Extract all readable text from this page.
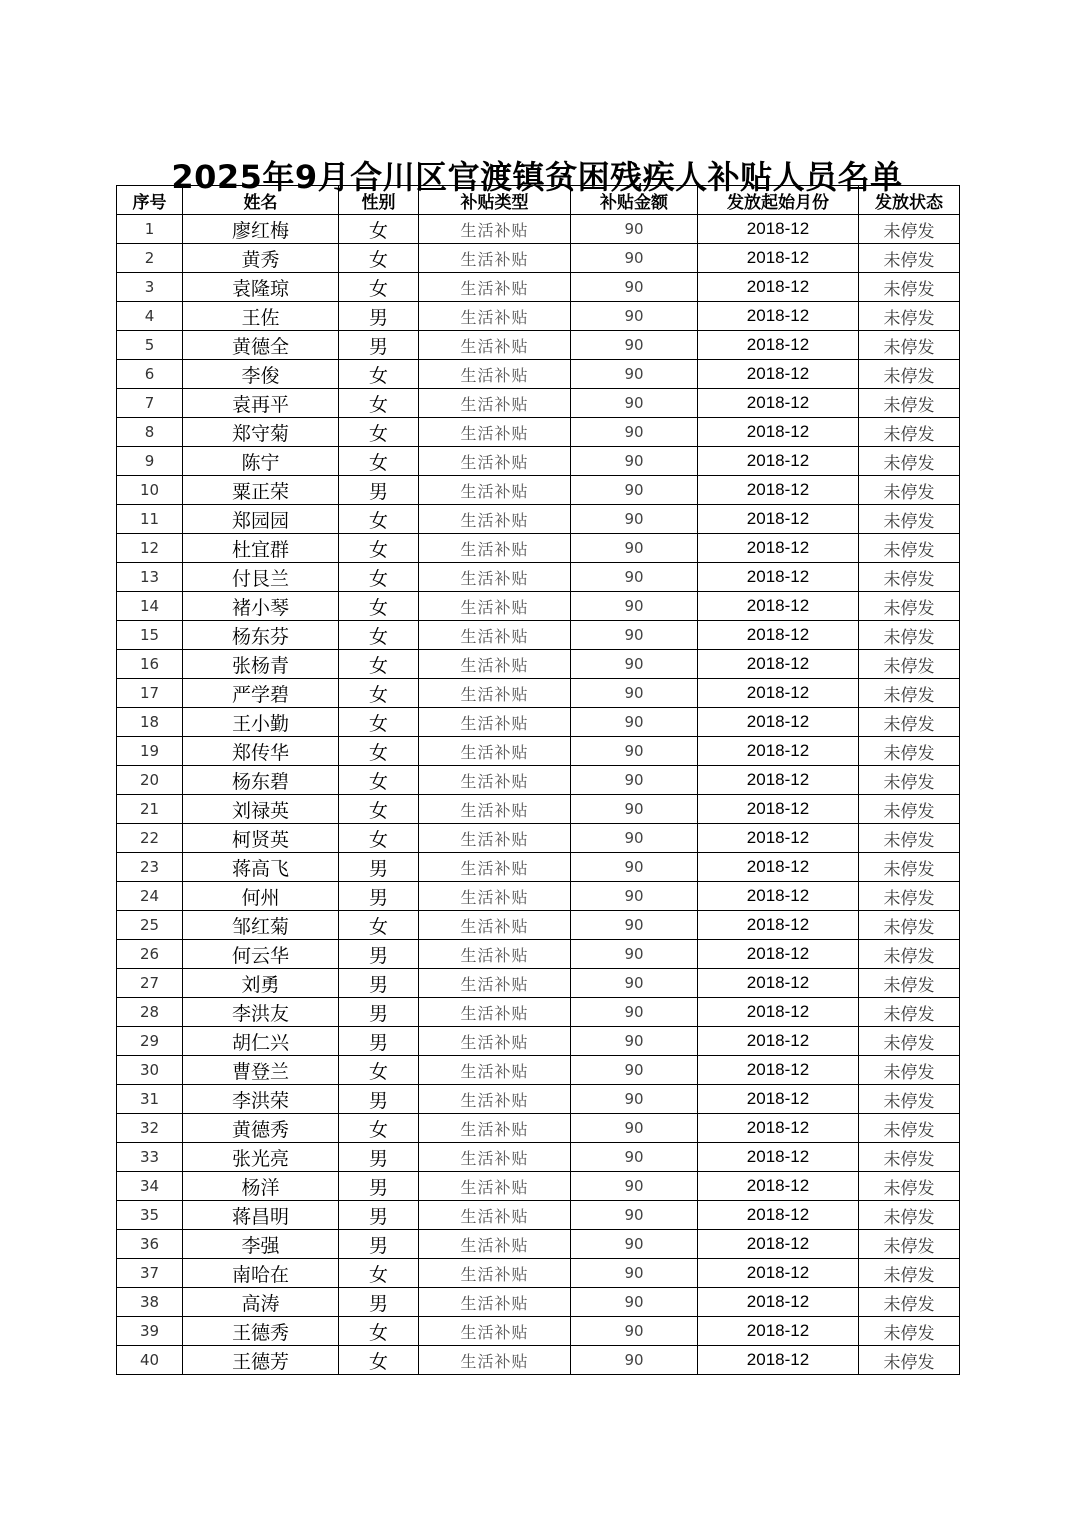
2025年9月合川区官渡镇贫困残疾人补贴人员名单
序号	姓名	性别	补贴类型	补贴金额	发放起始月份	发放状态
1	廖红梅	女	生活补贴	90	2018-12	未停发
2	黄秀	女	生活补贴	90	2018-12	未停发
3	袁隆琼	女	生活补贴	90	2018-12	未停发
4	王佐	男	生活补贴	90	2018-12	未停发
5	黄德全	男	生活补贴	90	2018-12	未停发
6	李俊	女	生活补贴	90	2018-12	未停发
7	袁再平	女	生活补贴	90	2018-12	未停发
8	郑守菊	女	生活补贴	90	2018-12	未停发
9	陈宁	女	生活补贴	90	2018-12	未停发
10	粟正荣	男	生活补贴	90	2018-12	未停发
11	郑园园	女	生活补贴	90	2018-12	未停发
12	杜宜群	女	生活补贴	90	2018-12	未停发
13	付艮兰	女	生活补贴	90	2018-12	未停发
14	褚小琴	女	生活补贴	90	2018-12	未停发
15	杨东芬	女	生活补贴	90	2018-12	未停发
16	张杨青	女	生活补贴	90	2018-12	未停发
17	严学碧	女	生活补贴	90	2018-12	未停发
18	王小勤	女	生活补贴	90	2018-12	未停发
19	郑传华	女	生活补贴	90	2018-12	未停发
20	杨东碧	女	生活补贴	90	2018-12	未停发
21	刘禄英	女	生活补贴	90	2018-12	未停发
22	柯贤英	女	生活补贴	90	2018-12	未停发
23	蒋高飞	男	生活补贴	90	2018-12	未停发
24	何州	男	生活补贴	90	2018-12	未停发
25	邹红菊	女	生活补贴	90	2018-12	未停发
26	何云华	男	生活补贴	90	2018-12	未停发
27	刘勇	男	生活补贴	90	2018-12	未停发
28	李洪友	男	生活补贴	90	2018-12	未停发
29	胡仁兴	男	生活补贴	90	2018-12	未停发
30	曹登兰	女	生活补贴	90	2018-12	未停发
31	李洪荣	男	生活补贴	90	2018-12	未停发
32	黄德秀	女	生活补贴	90	2018-12	未停发
33	张光亮	男	生活补贴	90	2018-12	未停发
34	杨洋	男	生活补贴	90	2018-12	未停发
35	蒋昌明	男	生活补贴	90	2018-12	未停发
36	李强	男	生活补贴	90	2018-12	未停发
37	南哈在	女	生活补贴	90	2018-12	未停发
38	高涛	男	生活补贴	90	2018-12	未停发
39	王德秀	女	生活补贴	90	2018-12	未停发
40	王德芳	女	生活补贴	90	2018-12	未停发
